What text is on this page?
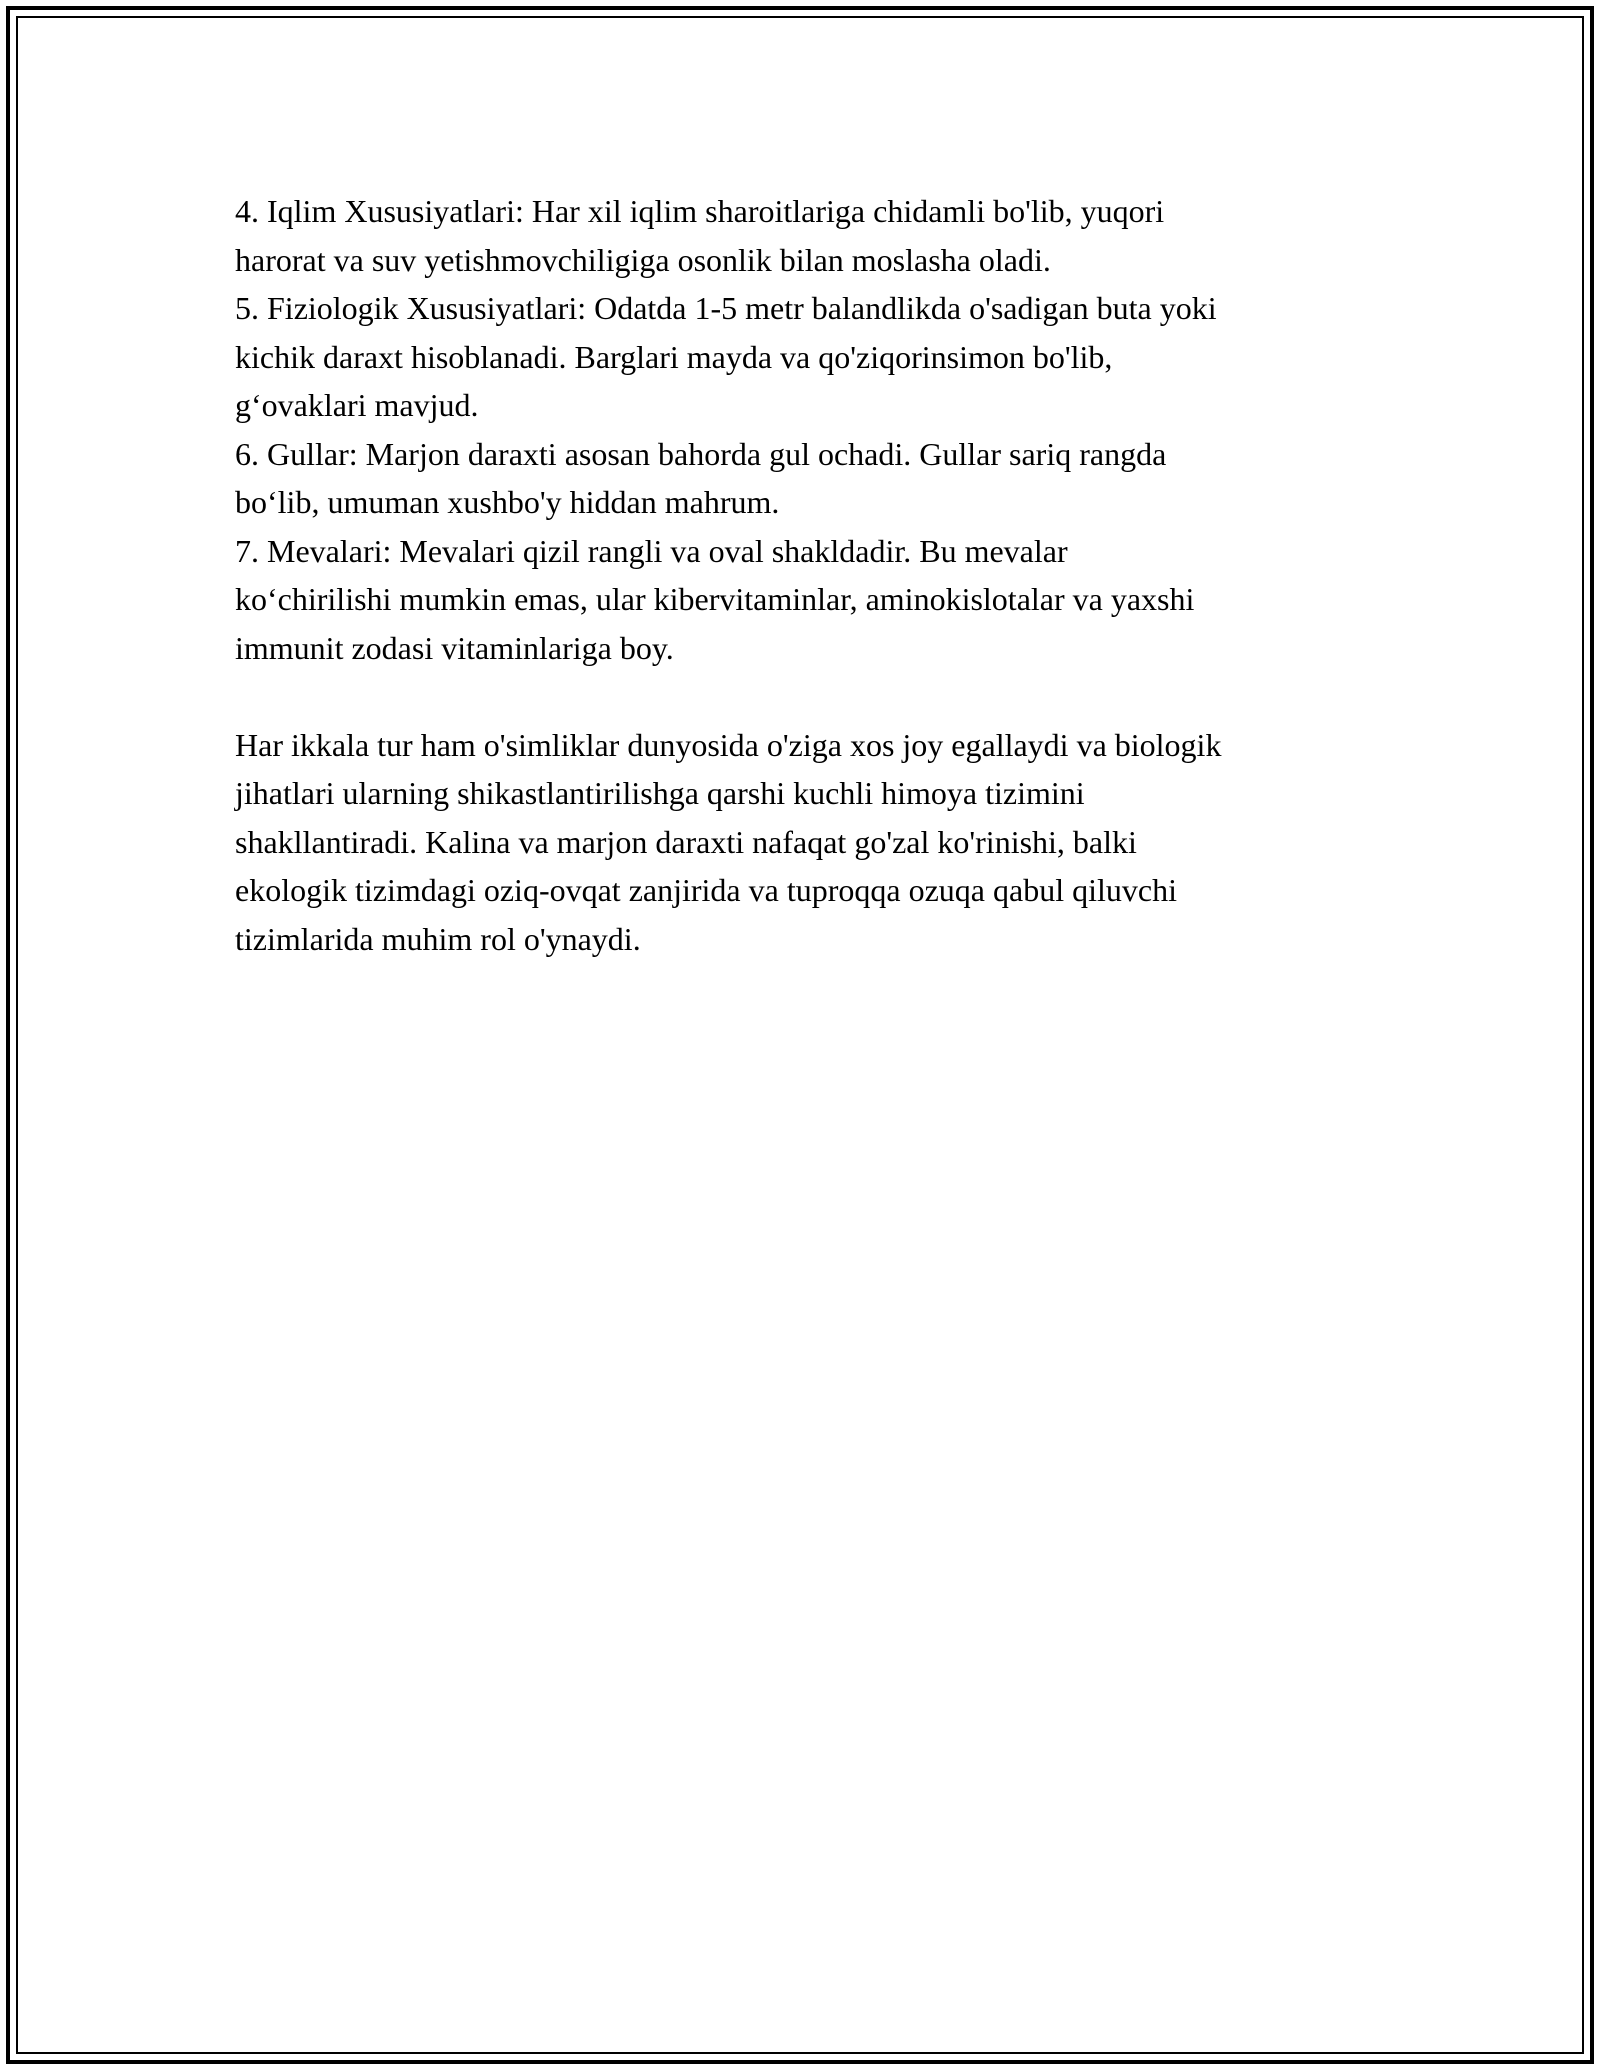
4. Iqlim Xususiyatlari: Har xil iqlim sharoitlariga chidamli bo'lib, yuqori
harorat va suv yetishmovchiligiga osonlik bilan moslasha oladi.
5. Fiziologik Xususiyatlari: Odatda 1-5 metr balandlikda o'sadigan buta yoki
kichik daraxt hisoblanadi. Barglari mayda va qo'ziqorinsimon bo'lib,
g‘ovaklari mavjud.
6. Gullar: Marjon daraxti asosan bahorda gul ochadi. Gullar sariq rangda
bo‘lib, umuman xushbo'y hiddan mahrum.
7. Mevalari: Mevalari qizil rangli va oval shakldadir. Bu mevalar
ko‘chirilishi mumkin emas, ular kibervitaminlar, aminokislotalar va yaxshi
immunit zodasi vitaminlariga boy.
Har ikkala tur ham o'simliklar dunyosida o'ziga xos joy egallaydi va biologik
jihatlari ularning shikastlantirilishga qarshi kuchli himoya tizimini
shakllantiradi. Kalina va marjon daraxti nafaqat go'zal ko'rinishi, balki
ekologik tizimdagi oziq-ovqat zanjirida va tuproqqa ozuqa qabul qiluvchi
tizimlarida muhim rol o'ynaydi.
